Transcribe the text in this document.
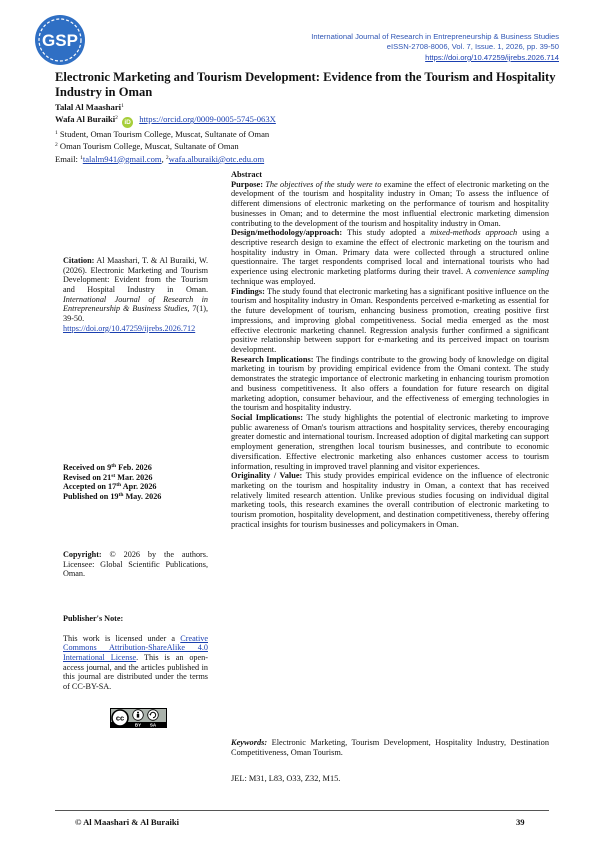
GSP	International Journal of Research in Entrepreneurship & Business Studies
eISSN-2708-8006, Vol. 7, Issue. 1, 2026, pp. 39-50
https://doi.org/10.47259/ijrebs.2026.714
Electronic Marketing and Tourism Development: Evidence from the Tourism and Hospitality Industry in Oman
Talal Al Maashari$^1$
Wafa Al Buraiki$^2$ iD https://orcid.org/0009-0005-5745-063X
$^1$ Student, Oman Tourism College, Muscat, Sultanate of Oman
$^2$ Oman Tourism College, Muscat, Sultanate of Oman
Email: $^1$talalm941@gmail.com, $^2$wafa.alburaiki@otc.edu.om
Citation: Al Maashari, T. & Al Buraiki, W. (2026). Electronic Marketing and Tourism Development: Evident from the Tourism and Hospital Industry in Oman. International Journal of Research in Entrepreneurship & Business Studies, 7(1), 39-50. https://doi.org/10.47259/ijrebs.2026.712
Received on 9th Feb. 2026
Revised on 21st Mar. 2026
Accepted on 17th Apr. 2026
Published on 19th May. 2026
Copyright: © 2026 by the authors. Licensee: Global Scientific Publications, Oman.
Publisher's Note:
This work is licensed under a Creative Commons Attribution-ShareAlike 4.0 International License. This is an open-access journal, and the articles published in this journal are distributed under the terms of CC-BY-SA.
cc
BY SA

Abstract

Purpose: The objectives of the study were to examine the effect of electronic marketing on the development of the tourism and hospitality industry in Oman; To assess the influence of different dimensions of electronic marketing on the performance of tourism and hospitality businesses in Oman; and to determine the most influential electronic marketing dimension contributing to the development of the tourism and hospitality industry in Oman.

Design/methodology/approach: This study adopted a mixed-methods approach using a descriptive research design to examine the effect of electronic marketing on the tourism and hospitality industry in Oman. Primary data were collected through a structured online questionnaire. The target respondents comprised local and international tourists who had experience using electronic marketing platforms during their travel. A convenience sampling technique was employed.

Findings: The study found that electronic marketing has a significant positive influence on the tourism and hospitality industry in Oman. Respondents perceived e-marketing as essential for the future development of tourism, enhancing business promotion, creating positive first impressions, and improving global competitiveness. Social media emerged as the most effective electronic marketing channel. Regression analysis further confirmed a significant positive relationship between support for e-marketing and its perceived impact on tourism development.

Research Implications: The findings contribute to the growing body of knowledge on digital marketing in tourism by providing empirical evidence from the Omani context. The study demonstrates the strategic importance of electronic marketing in enhancing tourism promotion and business competitiveness. It also offers a foundation for future research on digital marketing adoption, consumer behaviour, and the effectiveness of emerging technologies in the tourism and hospitality industry.

Social Implications: The study highlights the potential of electronic marketing to improve public awareness of Oman's tourism attractions and hospitality services, thereby encouraging greater domestic and international tourism. Increased adoption of digital marketing can support employment generation, strengthen local tourism businesses, and contribute to economic diversification. Effective electronic marketing also enhances customer access to tourism information, resulting in improved travel planning and visitor experiences.

Originality / Value: This study provides empirical evidence on the influence of electronic marketing on the tourism and hospitality industry in Oman, a context that has received relatively limited research attention. Unlike previous studies focusing on individual digital marketing tools, this research examines the overall contribution of electronic marketing to tourism promotion, hospitality development, and destination competitiveness, thereby offering practical insights for tourism businesses and policymakers in Oman.

Keywords: Electronic Marketing, Tourism Development, Hospitality Industry, Destination Competitiveness, Oman Tourism.
JEL: M31, L83, O33, Z32, M15.
© Al Maashari & Al Buraiki	39
